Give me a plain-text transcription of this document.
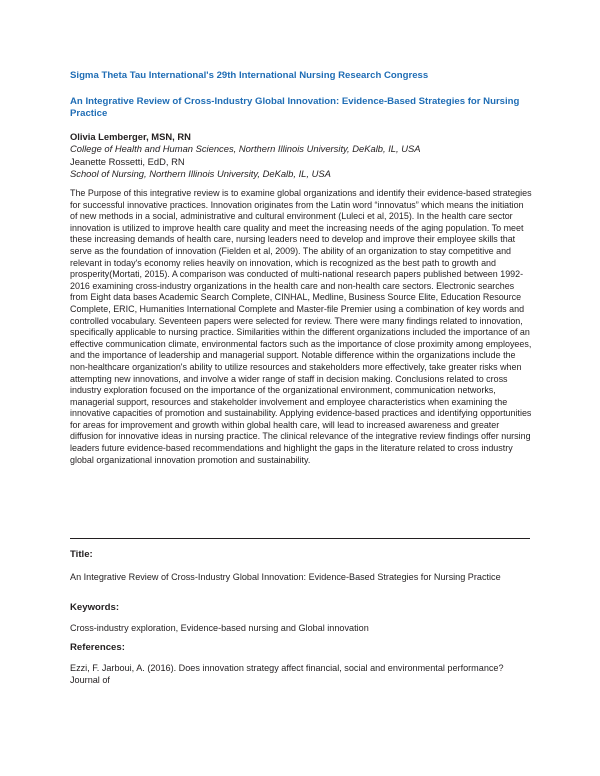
Sigma Theta Tau International's 29th International Nursing Research Congress
An Integrative Review of Cross-Industry Global Innovation: Evidence-Based Strategies for Nursing Practice
Olivia Lemberger, MSN, RN
College of Health and Human Sciences, Northern Illinois University, DeKalb, IL, USA
Jeanette Rossetti, EdD, RN
School of Nursing, Northern Illinois University, DeKalb, IL, USA
The Purpose of this integrative review is to examine global organizations and identify their evidence-based strategies for successful innovative practices. Innovation originates from the Latin word “innovatus” which means the initiation of new methods in a social, administrative and cultural environment (Luleci et al, 2015). In the health care sector innovation is utilized to improve health care quality and meet the increasing needs of the aging population. To meet these increasing demands of health care, nursing leaders need to develop and improve their employee skills that serve as the foundation of innovation (Fielden et al, 2009). The ability of an organization to stay competitive and relevant in today's economy relies heavily on innovation, which is recognized as the best path to growth and prosperity(Mortati, 2015). A comparison was conducted of multi-national research papers published between 1992-2016 examining cross-industry organizations in the health care and non-health care sectors. Electronic searches from Eight data bases Academic Search Complete, CINHAL, Medline, Business Source Elite, Education Resource Complete, ERIC, Humanities International Complete and Master-file Premier using a combination of key words and controlled vocabulary. Seventeen papers were selected for review. There were many findings related to innovation, specifically applicable to nursing practice. Similarities within the different organizations included the importance of an effective communication climate, environmental factors such as the importance of close proximity among employees, and the importance of leadership and managerial support. Notable difference within the organizations include the non-healthcare organization's ability to utilize resources and stakeholders more effectively, take greater risks when attempting new innovations, and involve a wider range of staff in decision making. Conclusions related to cross industry exploration focused on the importance of the organizational environment, communication networks, managerial support, resources and stakeholder involvement and employee characteristics when examining the innovative capacities of promotion and sustainability. Applying evidence-based practices and identifying opportunities for areas for improvement and growth within global health care, will lead to increased awareness and greater diffusion for innovative ideas in nursing practice. The clinical relevance of the integrative review findings offer nursing leaders future evidence-based recommendations and highlight the gaps in the literature related to cross industry global organizational innovation promotion and sustainability.
Title:
An Integrative Review of Cross-Industry Global Innovation: Evidence-Based Strategies for Nursing Practice
Keywords:
Cross-industry exploration, Evidence-based nursing and Global innovation
References:
Ezzi, F. Jarboui, A. (2016). Does innovation strategy affect financial, social and environmental performance? Journal of
